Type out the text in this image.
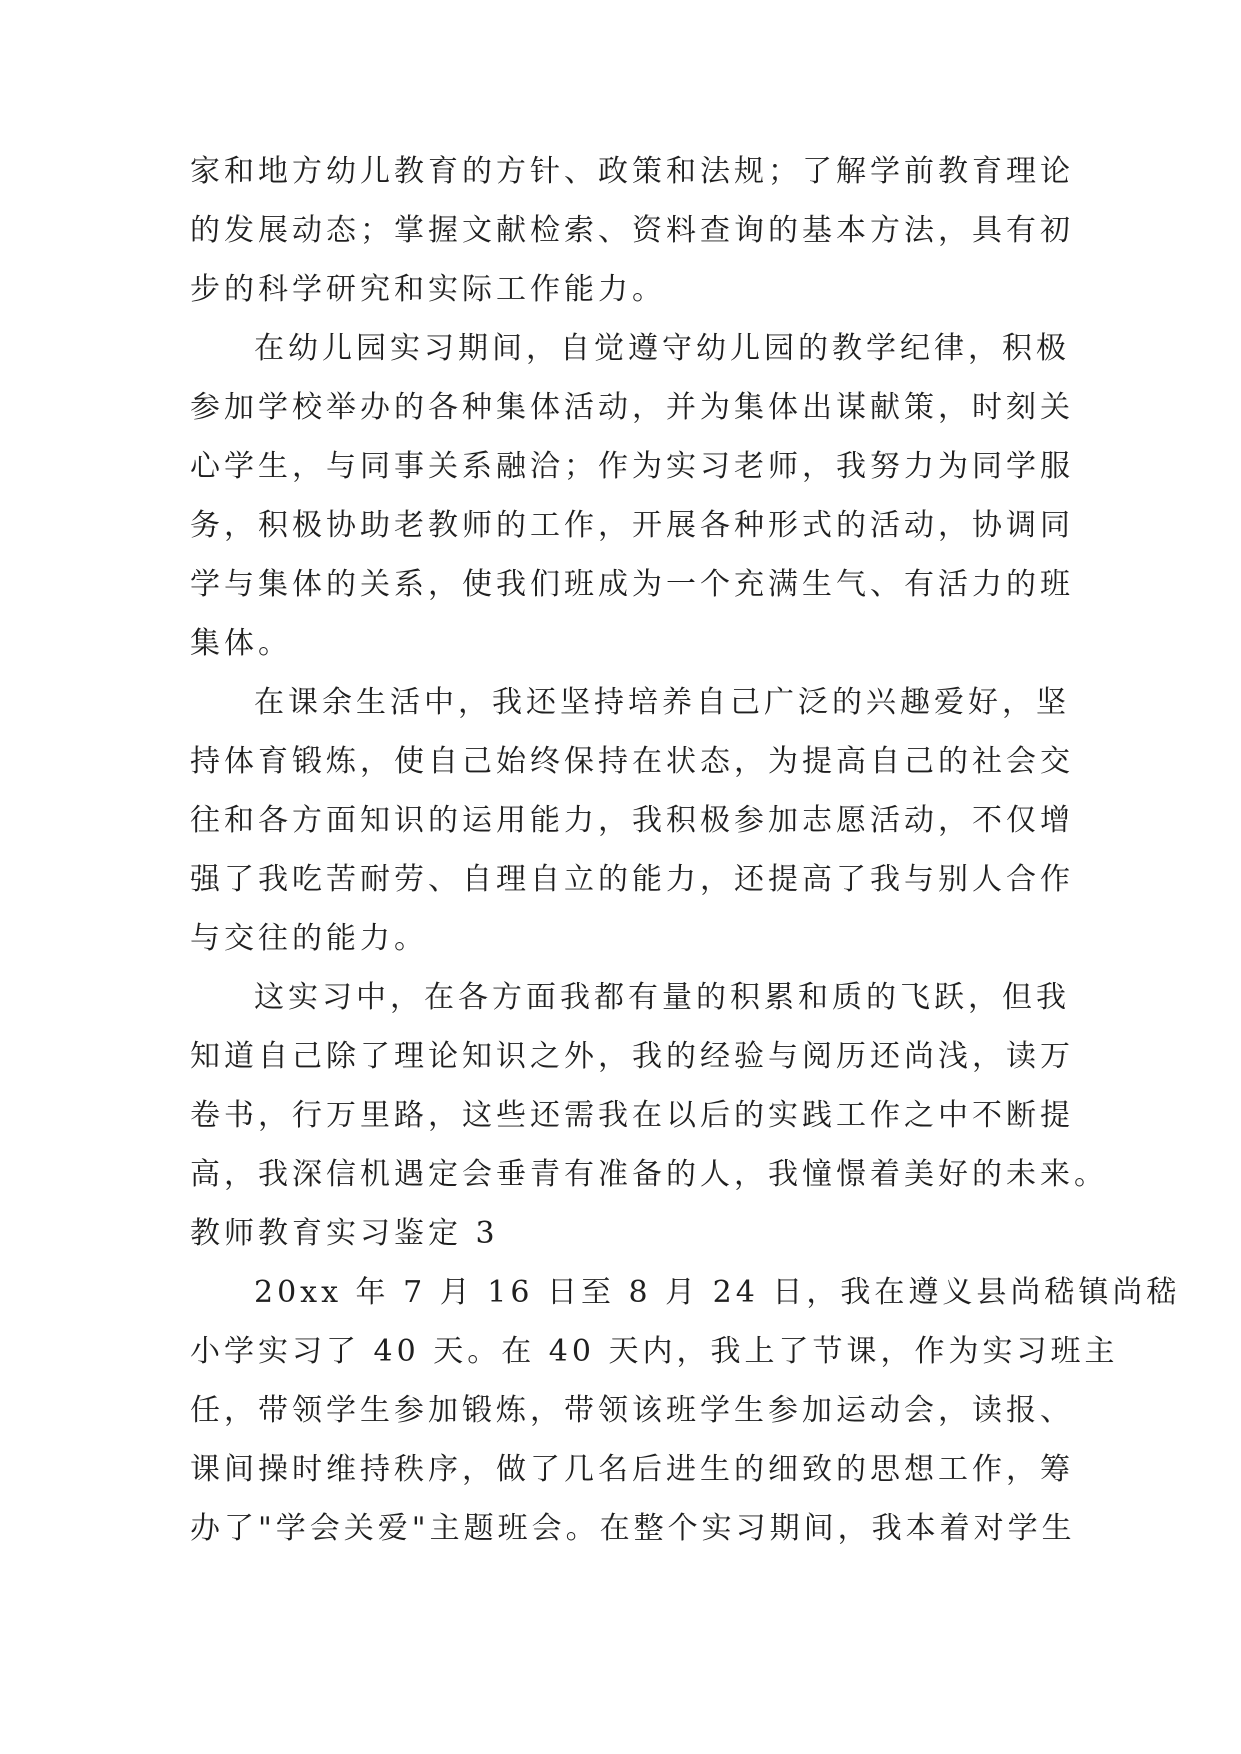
家和地方幼儿教育的方针、政策和法规；了解学前教育理论
的发展动态；掌握文献检索、资料查询的基本方法，具有初
步的科学研究和实际工作能力。
在幼儿园实习期间，自觉遵守幼儿园的教学纪律，积极
参加学校举办的各种集体活动，并为集体出谋献策，时刻关
心学生，与同事关系融洽；作为实习老师，我努力为同学服
务，积极协助老教师的工作，开展各种形式的活动，协调同
学与集体的关系，使我们班成为一个充满生气、有活力的班
集体。
在课余生活中，我还坚持培养自己广泛的兴趣爱好，坚
持体育锻炼，使自己始终保持在状态，为提高自己的社会交
往和各方面知识的运用能力，我积极参加志愿活动，不仅增
强了我吃苦耐劳、自理自立的能力，还提高了我与别人合作
与交往的能力。
这实习中，在各方面我都有量的积累和质的飞跃，但我
知道自己除了理论知识之外，我的经验与阅历还尚浅，读万
卷书，行万里路，这些还需我在以后的实践工作之中不断提
高，我深信机遇定会垂青有准备的人，我憧憬着美好的未来。
教师教育实习鉴定 3
20xx 年 7 月 16 日至 8 月 24 日，我在遵义县尚嵇镇尚嵇
小学实习了 40 天。在 40 天内，我上了节课，作为实习班主
任，带领学生参加锻炼，带领该班学生参加运动会，读报、
课间操时维持秩序，做了几名后进生的细致的思想工作，筹
办了"学会关爱"主题班会。在整个实习期间，我本着对学生
